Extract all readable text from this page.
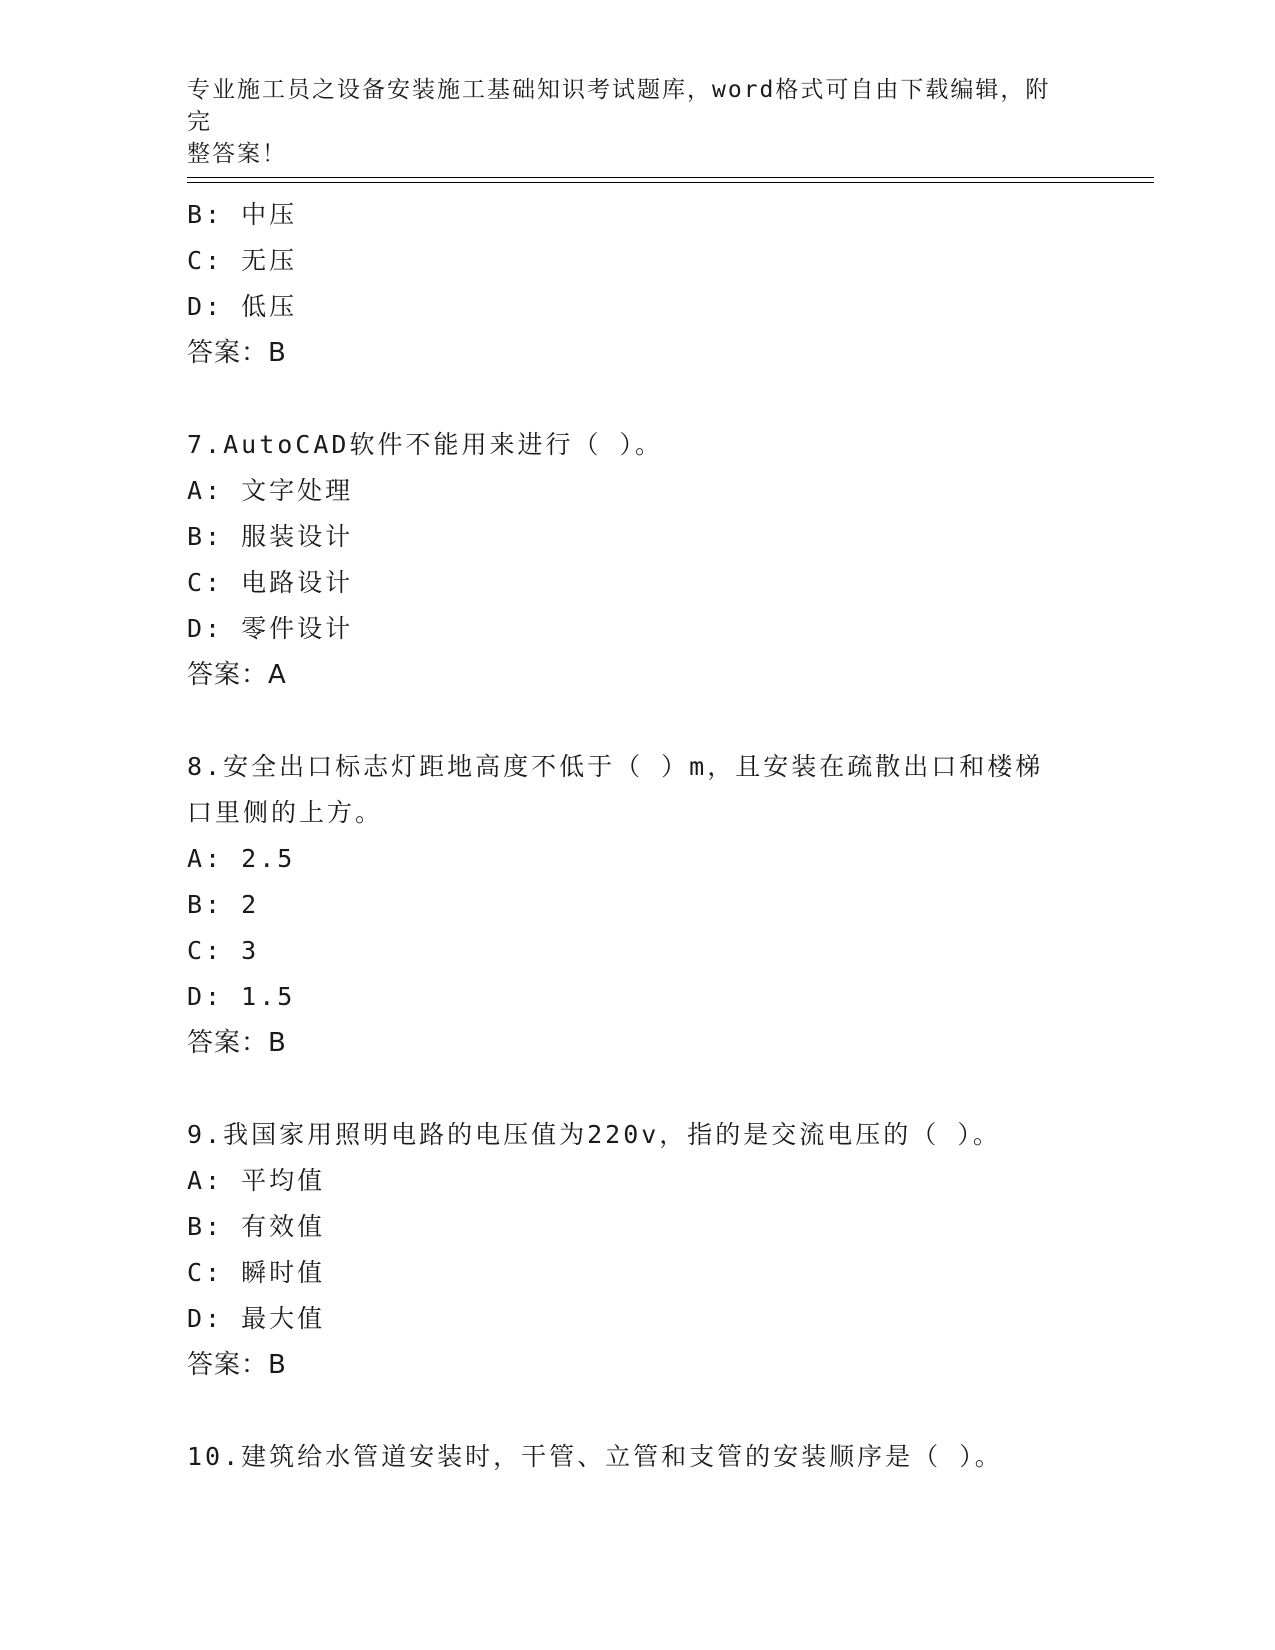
专业施工员之设备安装施工基础知识考试题库，word格式可自由下载编辑，附完
整答案！
B: 中压
C: 无压
D: 低压
答案：B
7.AutoCAD软件不能用来进行（ ）。
A: 文字处理
B: 服装设计
C: 电路设计
D: 零件设计
答案：A
8.安全出口标志灯距地高度不低于（ ）m，且安装在疏散出口和楼梯
口里侧的上方。
A: 2.5
B: 2
C: 3
D: 1.5
答案：B
9.我国家用照明电路的电压值为220v，指的是交流电压的（ ）。
A: 平均值
B: 有效值
C: 瞬时值
D: 最大值
答案：B
10.建筑给水管道安装时，干管、立管和支管的安装顺序是（ ）。
